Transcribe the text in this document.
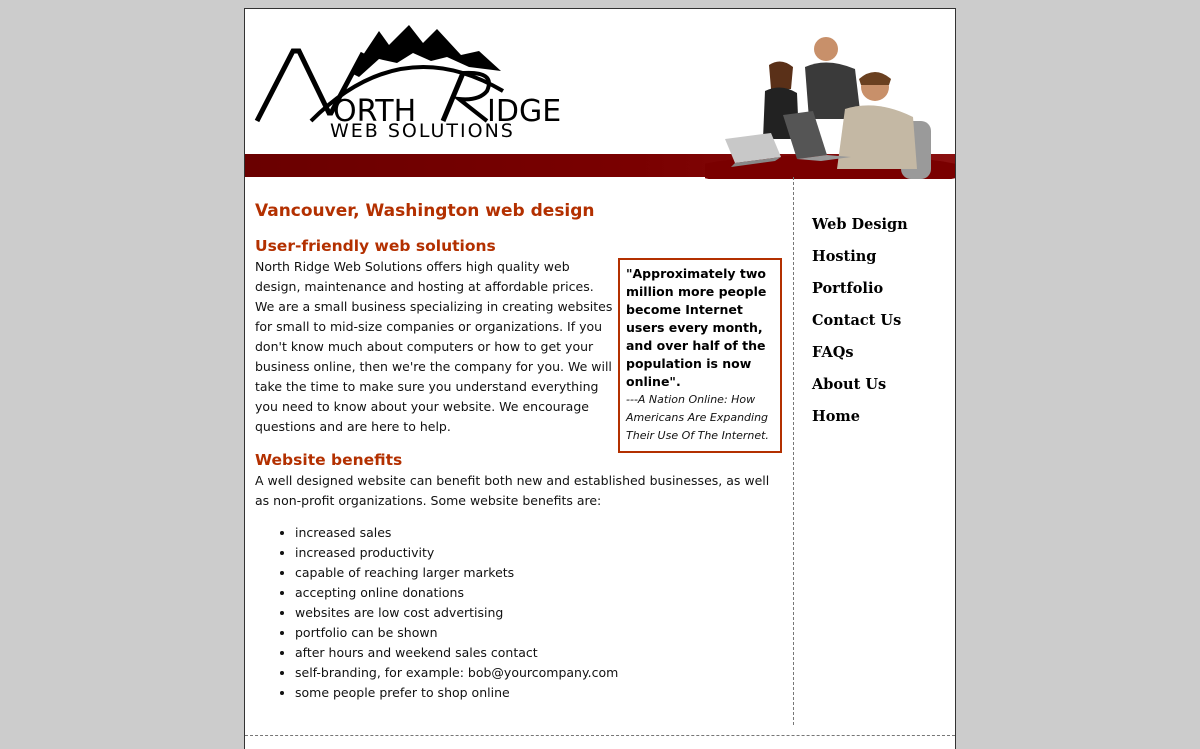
ORTH IDGE
WEB SOLUTIONS
Vancouver, Washington web design
User-friendly web solutions

North Ridge Web Solutions offers high quality web design, maintenance and hosting at affordable prices. We are a small business specializing in creating websites for small to mid-size companies or organizations. If you don't know much about computers or how to get your business online, then we're the company for you. We will take the time to make sure you understand everything you need to know about your website. We encourage questions and are here to help.

"Approximately two million more people become Internet users every month, and over half of the population is now online".

---A Nation Online: How Americans Are Expanding Their Use Of The Internet.

Website benefits

A well designed website can benefit both new and established businesses, as well as non-profit organizations. Some website benefits are:

• increased sales
• increased productivity
• capable of reaching larger markets
• accepting online donations
• websites are low cost advertising
• portfolio can be shown
• after hours and weekend sales contact
• self-branding, for example: bob@yourcompany.com
• some people prefer to shop online
Web Design
Hosting
Portfolio
Contact Us
FAQs
About Us
Home
